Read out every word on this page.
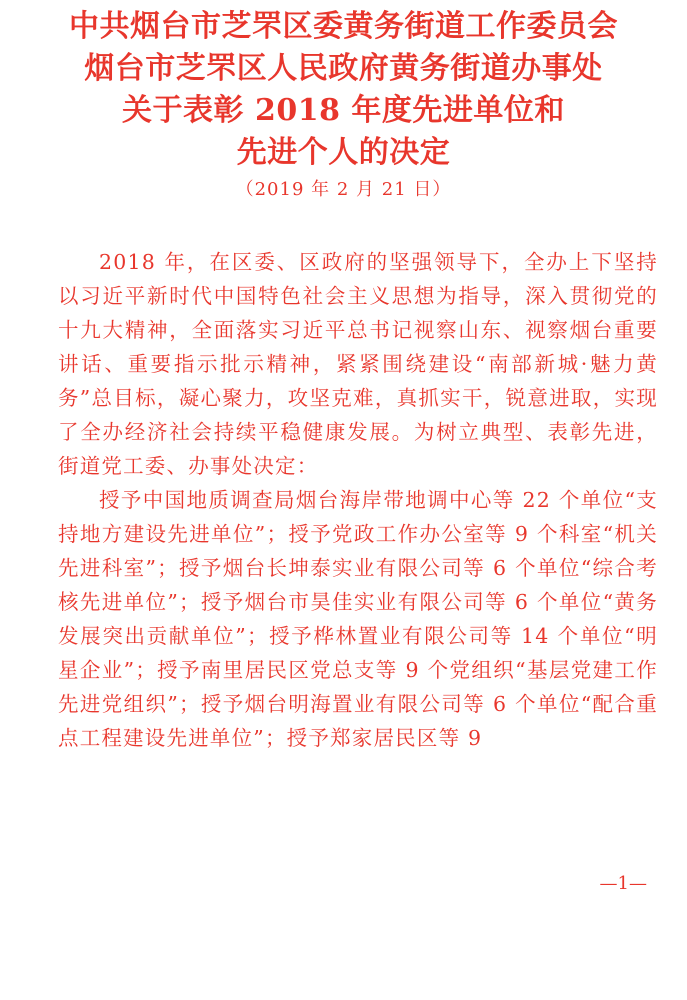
中共烟台市芝罘区委黄务街道工作委员会
烟台市芝罘区人民政府黄务街道办事处
关于表彰 2018 年度先进单位和
先进个人的决定
（2019 年 2 月 21 日）

2018 年，在区委、区政府的坚强领导下，全办上下坚持以习近平新时代中国特色社会主义思想为指导，深入贯彻党的十九大精神，全面落实习近平总书记视察山东、视察烟台重要讲话、重要指示批示精神，紧紧围绕建设“南部新城·魅力黄务”总目标，凝心聚力，攻坚克难，真抓实干，锐意进取，实现了全办经济社会持续平稳健康发展。为树立典型、表彰先进，街道党工委、办事处决定：

授予中国地质调查局烟台海岸带地调中心等 22 个单位“支持地方建设先进单位”；授予党政工作办公室等 9 个科室“机关先进科室”；授予烟台长坤泰实业有限公司等 6 个单位“综合考核先进单位”；授予烟台市昊佳实业有限公司等 6 个单位“黄务发展突出贡献单位”；授予桦林置业有限公司等 14 个单位“明星企业”；授予南里居民区党总支等 9 个党组织“基层党建工作先进党组织”；授予烟台明海置业有限公司等 6 个单位“配合重点工程建设先进单位”；授予郑家居民区等 9

—1—
